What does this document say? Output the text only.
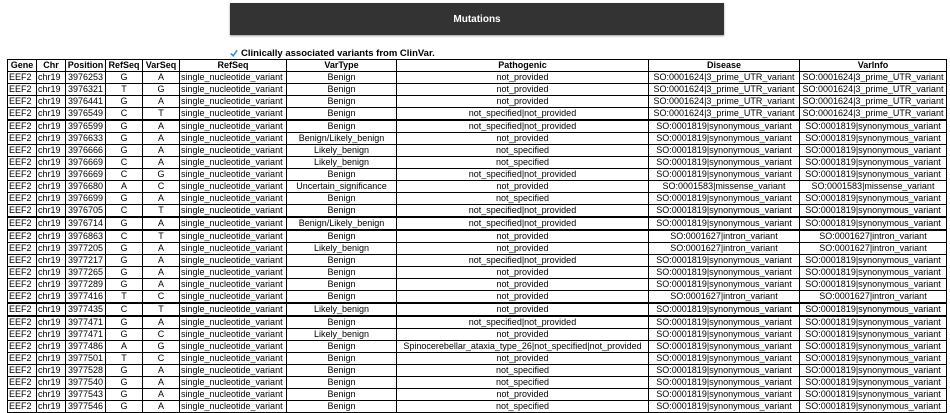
Mutations
Clinically associated variants from ClinVar.
Gene	Chr	Position	RefSeq	VarSeq	RefSeq	VarType	Pathogenic	Disease	VarInfo
EEF2	chr19	3976253	G	A	single_nucleotide_variant	Benign	not_provided	SO:0001624|3_prime_UTR_variant	SO:0001624|3_prime_UTR_variant
EEF2	chr19	3976321	T	G	single_nucleotide_variant	Benign	not_provided	SO:0001624|3_prime_UTR_variant	SO:0001624|3_prime_UTR_variant
EEF2	chr19	3976441	G	A	single_nucleotide_variant	Benign	not_provided	SO:0001624|3_prime_UTR_variant	SO:0001624|3_prime_UTR_variant
EEF2	chr19	3976549	C	T	single_nucleotide_variant	Benign	not_specified|not_provided	SO:0001624|3_prime_UTR_variant	SO:0001624|3_prime_UTR_variant
EEF2	chr19	3976599	G	A	single_nucleotide_variant	Benign	not_specified|not_provided	SO:0001819|synonymous_variant	SO:0001819|synonymous_variant
EEF2	chr19	3976633	G	A	single_nucleotide_variant	Benign/Likely_benign	not_provided	SO:0001819|synonymous_variant	SO:0001819|synonymous_variant
EEF2	chr19	3976666	G	A	single_nucleotide_variant	Likely_benign	not_specified	SO:0001819|synonymous_variant	SO:0001819|synonymous_variant
EEF2	chr19	3976669	C	A	single_nucleotide_variant	Likely_benign	not_specified	SO:0001819|synonymous_variant	SO:0001819|synonymous_variant
EEF2	chr19	3976669	C	G	single_nucleotide_variant	Benign	not_specified|not_provided	SO:0001819|synonymous_variant	SO:0001819|synonymous_variant
EEF2	chr19	3976680	A	C	single_nucleotide_variant	Uncertain_significance	not_provided	SO:0001583|missense_variant	SO:0001583|missense_variant
EEF2	chr19	3976699	G	A	single_nucleotide_variant	Benign	not_specified	SO:0001819|synonymous_variant	SO:0001819|synonymous_variant
EEF2	chr19	3976705	C	T	single_nucleotide_variant	Benign	not_specified|not_provided	SO:0001819|synonymous_variant	SO:0001819|synonymous_variant
EEF2	chr19	3976714	G	A	single_nucleotide_variant	Benign/Likely_benign	not_specified|not_provided	SO:0001819|synonymous_variant	SO:0001819|synonymous_variant
EEF2	chr19	3976863	C	T	single_nucleotide_variant	Benign	not_provided	SO:0001627|intron_variant	SO:0001627|intron_variant
EEF2	chr19	3977205	G	A	single_nucleotide_variant	Likely_benign	not_provided	SO:0001627|intron_variant	SO:0001627|intron_variant
EEF2	chr19	3977217	G	A	single_nucleotide_variant	Benign	not_specified|not_provided	SO:0001819|synonymous_variant	SO:0001819|synonymous_variant
EEF2	chr19	3977265	G	A	single_nucleotide_variant	Benign	not_provided	SO:0001819|synonymous_variant	SO:0001819|synonymous_variant
EEF2	chr19	3977289	G	A	single_nucleotide_variant	Benign	not_provided	SO:0001819|synonymous_variant	SO:0001819|synonymous_variant
EEF2	chr19	3977416	T	C	single_nucleotide_variant	Benign	not_provided	SO:0001627|intron_variant	SO:0001627|intron_variant
EEF2	chr19	3977435	C	T	single_nucleotide_variant	Likely_benign	not_provided	SO:0001819|synonymous_variant	SO:0001819|synonymous_variant
EEF2	chr19	3977471	G	A	single_nucleotide_variant	Benign	not_specified|not_provided	SO:0001819|synonymous_variant	SO:0001819|synonymous_variant
EEF2	chr19	3977471	G	C	single_nucleotide_variant	Likely_benign	not_provided	SO:0001819|synonymous_variant	SO:0001819|synonymous_variant
EEF2	chr19	3977486	A	G	single_nucleotide_variant	Benign	Spinocerebellar_ataxia_type_26|not_specified|not_provided	SO:0001819|synonymous_variant	SO:0001819|synonymous_variant
EEF2	chr19	3977501	T	C	single_nucleotide_variant	Benign	not_provided	SO:0001819|synonymous_variant	SO:0001819|synonymous_variant
EEF2	chr19	3977528	G	A	single_nucleotide_variant	Benign	not_specified	SO:0001819|synonymous_variant	SO:0001819|synonymous_variant
EEF2	chr19	3977540	G	A	single_nucleotide_variant	Benign	not_specified	SO:0001819|synonymous_variant	SO:0001819|synonymous_variant
EEF2	chr19	3977543	G	A	single_nucleotide_variant	Benign	not_provided	SO:0001819|synonymous_variant	SO:0001819|synonymous_variant
EEF2	chr19	3977546	G	A	single_nucleotide_variant	Benign	not_specified	SO:0001819|synonymous_variant	SO:0001819|synonymous_variant
